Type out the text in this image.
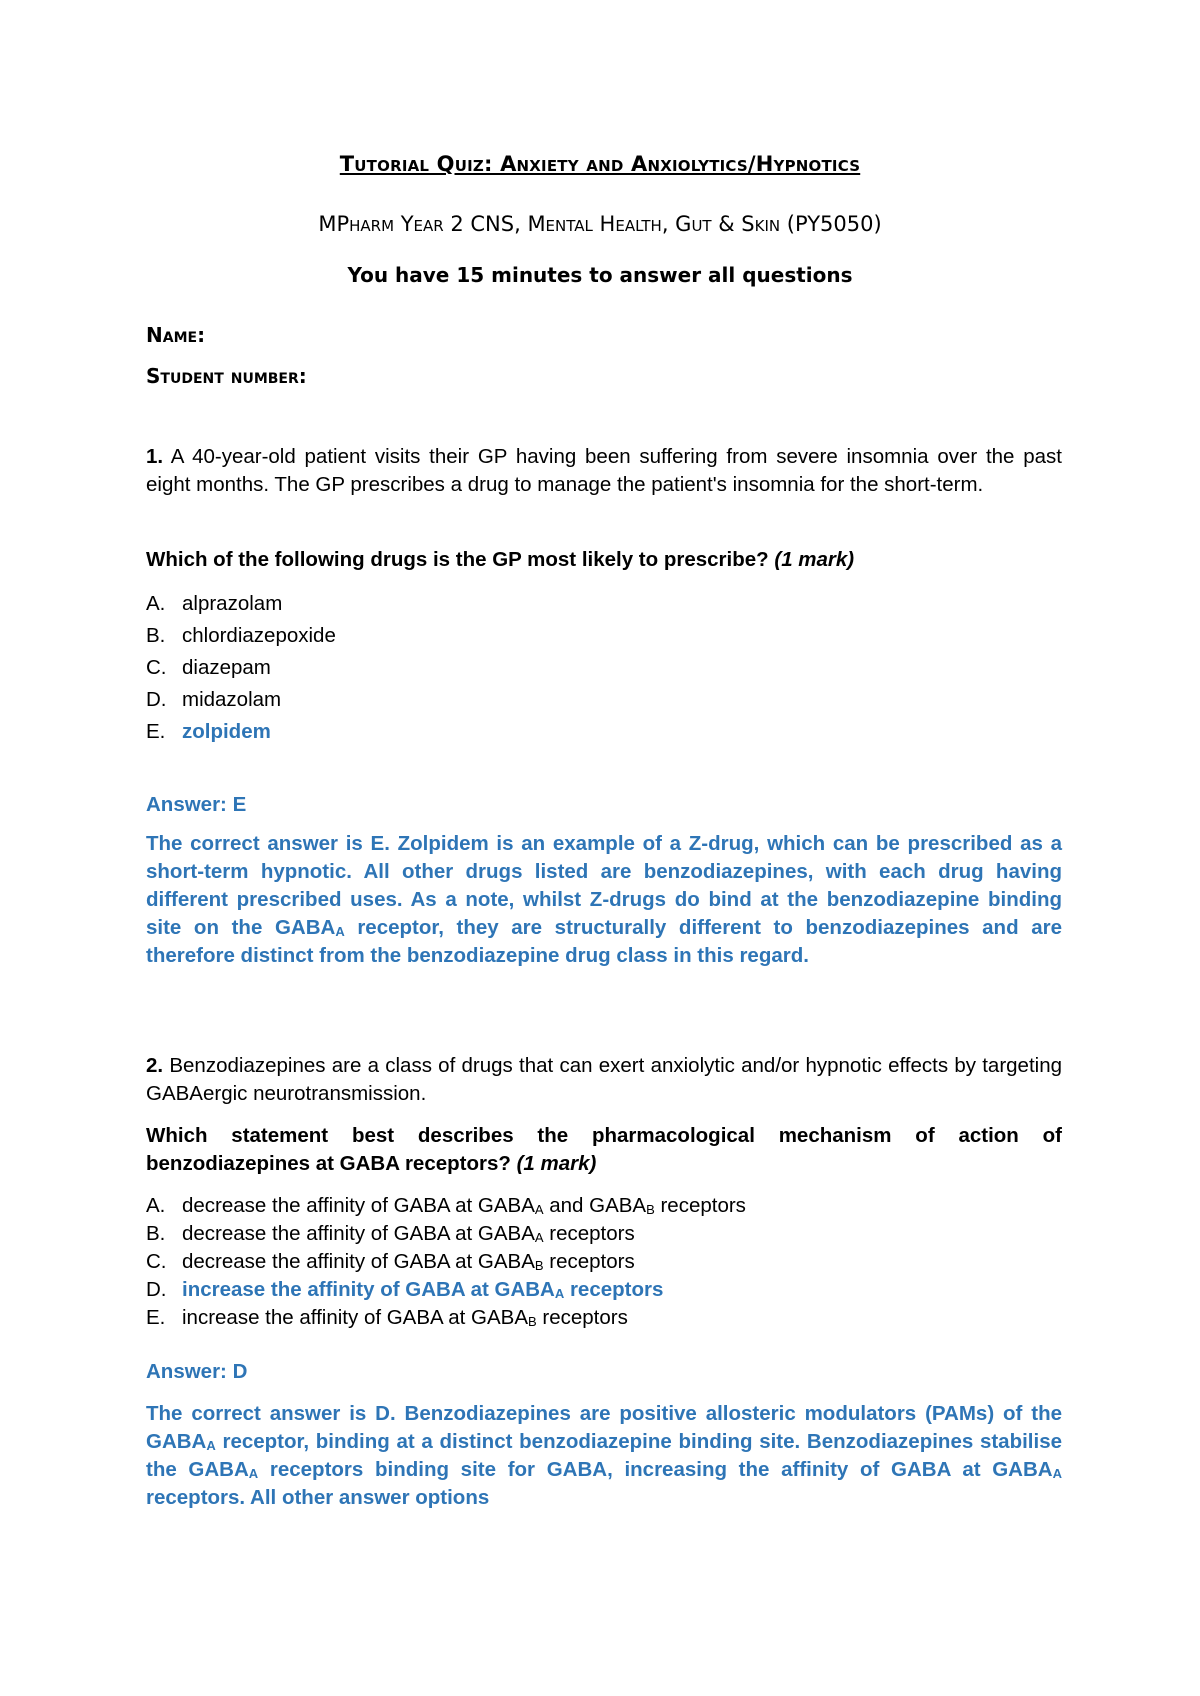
Tutorial Quiz: Anxiety and Anxiolytics/Hypnotics

MPharm Year 2 CNS, Mental Health, Gut & Skin (PY5050)

You have 15 minutes to answer all questions

Name:

Student number:

1. A 40-year-old patient visits their GP having been suffering from severe insomnia over the past eight months. The GP prescribes a drug to manage the patient's insomnia for the short-term.

Which of the following drugs is the GP most likely to prescribe? (1 mark)

A. alprazolam
B. chlordiazepoxide
C. diazepam
D. midazolam
E. zolpidem

Answer: E

The correct answer is E. Zolpidem is an example of a Z-drug, which can be prescribed as a short-term hypnotic. All other drugs listed are benzodiazepines, with each drug having different prescribed uses. As a note, whilst Z-drugs do bind at the benzodiazepine binding site on the $GABA_A$ receptor, they are structurally different to benzodiazepines and are therefore distinct from the benzodiazepine drug class in this regard.

2. Benzodiazepines are a class of drugs that can exert anxiolytic and/or hypnotic effects by targeting GABAergic neurotransmission.

Which statement best describes the pharmacological mechanism of action of benzodiazepines at GABA receptors? (1 mark)

A. decrease the affinity of GABA at $GABA_A$ and $GABA_B$ receptors
B. decrease the affinity of GABA at $GABA_A$ receptors
C. decrease the affinity of GABA at $GABA_B$ receptors
D. increase the affinity of GABA at $GABA_A$ receptors
E. increase the affinity of GABA at $GABA_B$ receptors

Answer: D

The correct answer is D. Benzodiazepines are positive allosteric modulators (PAMs) of the $GABA_A$ receptor, binding at a distinct benzodiazepine binding site. Benzodiazepines stabilise the $GABA_A$ receptors binding site for GABA, increasing the affinity of GABA at $GABA_A$ receptors. All other answer options
